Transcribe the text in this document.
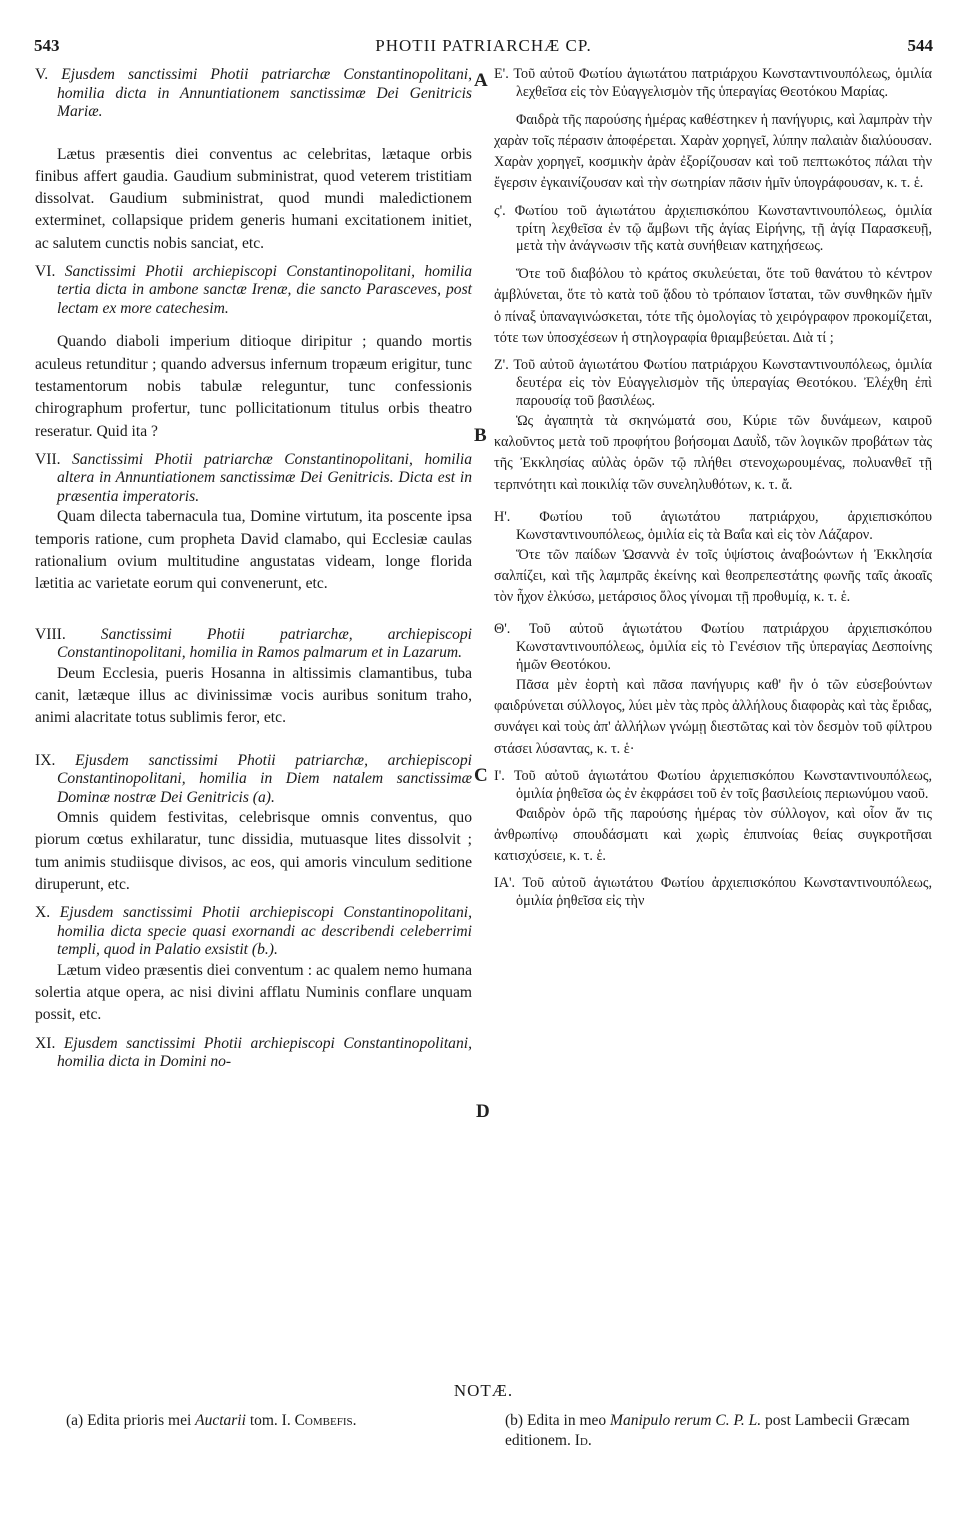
543	PHOTII PATRIARCHÆ CP.	544
A
B
C
D

V. Ejusdem sanctissimi Photii patriarchæ Constantinopolitani, homilia dicta in Annuntiationem sanctissimæ Dei Genitricis Mariæ.

Lætus præsentis diei conventus ac celebritas, lætaque orbis finibus affert gaudia. Gaudium subministrat, quod veterem tristitiam dissolvat. Gaudium subministrat, quod mundi maledictionem exterminet, collapsique pridem generis humani excitationem initiet, ac salutem cunctis nobis sanciat, etc.

VI. Sanctissimi Photii archiepiscopi Constantinopolitani, homilia tertia dicta in ambone sanctæ Irenæ, die sancto Parasceves, post lectam ex more catechesim.

Quando diaboli imperium ditioque diripitur ; quando mortis aculeus retunditur ; quando adversus infernum tropæum erigitur, tunc testamentorum nobis tabulæ releguntur, tunc confessionis chirographum profertur, tunc pollicitationum titulus orbis theatro reseratur. Quid ita ?

VII. Sanctissimi Photii patriarchæ Constantinopolitani, homilia altera in Annuntiationem sanctissimæ Dei Genitricis. Dicta est in præsentia imperatoris.

Quam dilecta tabernacula tua, Domine virtutum, ita poscente ipsa temporis ratione, cum propheta David clamabo, qui Ecclesiæ caulas rationalium ovium multitudine angustatas videam, longe florida lætitia ac varietate eorum qui convenerunt, etc.

VIII. Sanctissimi Photii patriarchæ, archiepiscopi Constantinopolitani, homilia in Ramos palmarum et in Lazarum.

Deum Ecclesia, pueris Hosanna in altissimis clamantibus, tuba canit, lætæque illus ac divinissimæ vocis auribus sonitum traho, animi alacritate totus sublimis feror, etc.

IX. Ejusdem sanctissimi Photii patriarchæ, archiepiscopi Constantinopolitani, homilia in Diem natalem sanctissimæ Dominæ nostræ Dei Genitricis (a).

Omnis quidem festivitas, celebrisque omnis conventus, quo piorum cœtus exhilaratur, tunc dissidia, mutuasque lites dissolvit ; tum animis studiisque divisos, ac eos, qui amoris vinculum seditione diruperunt, etc.

X. Ejusdem sanctissimi Photii archiepiscopi Constantinopolitani, homilia dicta specie quasi exornandi ac describendi celeberrimi templi, quod in Palatio exsistit (b.).

Lætum video præsentis diei conventum : ac qualem nemo humana solertia atque opera, ac nisi divini afflatu Numinis conflare unquam possit, etc.

XI. Ejusdem sanctissimi Photii archiepiscopi Constantinopolitani, homilia dicta in Domini no-

Ε'. Τοῦ αὐτοῦ Φωτίου ἁγιωτάτου πατριάρχου Κωνσταντινουπόλεως, ὁμιλία λεχθεῖσα εἰς τὸν Εὐαγγελισμὸν τῆς ὑπεραγίας Θεοτόκου Μαρίας.

Φαιδρὰ τῆς παρούσης ἡμέρας καθέστηκεν ἡ πανήγυρις, καὶ λαμπρὰν τὴν χαρὰν τοῖς πέρασιν ἀποφέρεται. Χαρὰν χορηγεῖ, λύπην παλαιὰν διαλύουσαν. Χαρὰν χορηγεῖ, κοσμικὴν ἀρὰν ἐξορίζουσαν καὶ τοῦ πεπτωκότος πάλαι τὴν ἔγερσιν ἐγκαινίζουσαν καὶ τὴν σωτηρίαν πᾶσιν ἡμῖν ὑπογράφουσαν, κ. τ. ἑ.

ς'. Φωτίου τοῦ ἁγιωτάτου ἀρχιεπισκόπου Κωνσταντινουπόλεως, ὁμιλία τρίτη λεχθεῖσα ἐν τῷ ἄμβωνι τῆς ἁγίας Εἰρήνης, τῇ ἁγίᾳ Παρασκευῇ, μετὰ τὴν ἀνάγνωσιν τῆς κατὰ συνήθειαν κατηχήσεως.

Ὅτε τοῦ διαβόλου τὸ κράτος σκυλεύεται, ὅτε τοῦ θανάτου τὸ κέντρον ἀμβλύνεται, ὅτε τὸ κατὰ τοῦ ᾅδου τὸ τρόπαιον ἵσταται, τῶν συνθηκῶν ἡμῖν ὁ πίναξ ὑπαναγινώσκεται, τότε τῆς ὁμολογίας τὸ χειρόγραφον προκομίζεται, τότε των ὑποσχέσεων ἡ στηλογραφία θριαμβεύεται. Διὰ τί ;

Ζ'. Τοῦ αὐτοῦ ἁγιωτάτου Φωτίου πατριάρχου Κωνσταντινουπόλεως, ὁμιλία δευτέρα εἰς τὸν Εὐαγγελισμὸν τῆς ὑπεραγίας Θεοτόκου. Ἐλέχθη ἐπὶ παρουσίᾳ τοῦ βασιλέως.

Ὡς ἀγαπητὰ τὰ σκηνώματά σου, Κύριε τῶν δυνάμεων, καιροῦ καλοῦντος μετὰ τοῦ προφήτου βοήσομαι Δαυῒδ, τῶν λογικῶν προβάτων τὰς τῆς Ἐκκλησίας αὐλὰς ὁρῶν τῷ πλήθει στενοχωρουμένας, πολυανθεῖ τῇ τερπνότητι καὶ ποικιλίᾳ τῶν συνεληλυθότων, κ. τ. ἄ.

Η'. Φωτίου τοῦ ἁγιωτάτου πατριάρχου, ἀρχιεπισκόπου Κωνσταντινουπόλεως, ὁμιλία εἰς τὰ Βαΐα καὶ εἰς τὸν Λάζαρον.

Ὅτε τῶν παίδων Ὡσαννὰ ἐν τοῖς ὑψίστοις ἀναβοώντων ἡ Ἐκκλησία σαλπίζει, καὶ τῆς λαμπρᾶς ἐκείνης καὶ θεοπρεπεστάτης φωνῆς ταῖς ἀκοαῖς τὸν ἦχον ἑλκύσω, μετάρσιος ὅλος γίνομαι τῇ προθυμίᾳ, κ. τ. ἑ.

Θ'. Τοῦ αὐτοῦ ἁγιωτάτου Φωτίου πατριάρχου ἀρχιεπισκόπου Κωνσταντινουπόλεως, ὁμιλία εἰς τὸ Γενέσιον τῆς ὑπεραγίας Δεσποίνης ἡμῶν Θεοτόκου.

Πᾶσα μὲν ἑορτὴ καὶ πᾶσα πανήγυρις καθ' ἣν ὁ τῶν εὐσεβούντων φαιδρύνεται σύλλογος, λύει μὲν τὰς πρὸς ἀλλήλους διαφορὰς καὶ τὰς ἔριδας, συνάγει καὶ τοὺς ἀπ' ἀλλήλων γνώμῃ διεστῶτας καὶ τὸν δεσμὸν τοῦ φίλτρου στάσει λύσαντας, κ. τ. ἑ·

Ι'. Τοῦ αὐτοῦ ἁγιωτάτου Φωτίου ἀρχιεπισκόπου Κωνσταντινουπόλεως, ὁμιλία ῥηθεῖσα ὡς ἐν ἐκφράσει τοῦ ἐν τοῖς βασιλείοις περιωνύμου ναοῦ.

Φαιδρὸν ὁρῶ τῆς παρούσης ἡμέρας τὸν σύλλογον, καὶ οἷον ἄν τις ἀνθρωπίνῳ σπουδάσματι καὶ χωρὶς ἐπιπνοίας θείας συγκροτῆσαι κατισχύσειε, κ. τ. ἑ.

ΙΑ'. Τοῦ αὐτοῦ ἁγιωτάτου Φωτίου ἀρχιεπισκόπου Κωνσταντινουπόλεως, ὁμιλία ῥηθεῖσα εἰς τὴν

NOTÆ.
(a) Edita prioris mei Auctarii tom. I. Combefis.	(b) Edita in meo Manipulo rerum C. P. L. post Lambecii Græcam editionem. Id.
